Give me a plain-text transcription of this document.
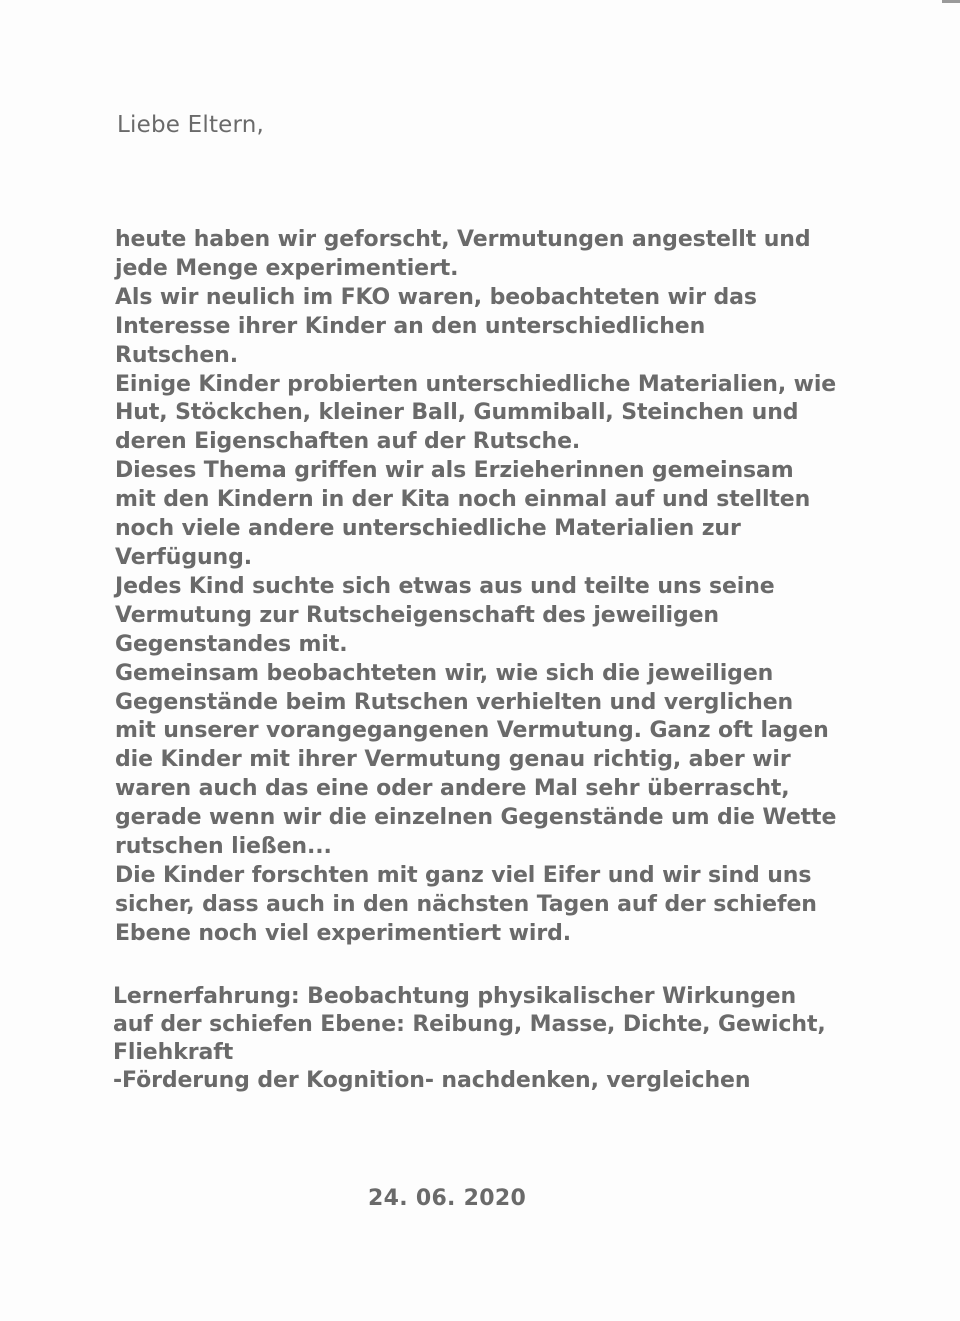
Liebe Eltern,

heute haben wir geforscht, Vermutungen angestellt und

jede Menge experimentiert.

Als wir neulich im FKO waren, beobachteten wir das

Interesse ihrer Kinder an den unterschiedlichen

Rutschen.

Einige Kinder probierten unterschiedliche Materialien, wie

Hut, Stöckchen, kleiner Ball, Gummiball, Steinchen und

deren Eigenschaften auf der Rutsche.

Dieses Thema griffen wir als Erzieherinnen gemeinsam

mit den Kindern in der Kita noch einmal auf und stellten

noch viele andere unterschiedliche Materialien zur

Verfügung.

Jedes Kind suchte sich etwas aus und teilte uns seine

Vermutung zur Rutscheigenschaft des jeweiligen

Gegenstandes mit.

Gemeinsam beobachteten wir, wie sich die jeweiligen

Gegenstände beim Rutschen verhielten und verglichen

mit unserer vorangegangenen Vermutung. Ganz oft lagen

die Kinder mit ihrer Vermutung genau richtig, aber wir

waren auch das eine oder andere Mal sehr überrascht,

gerade wenn wir die einzelnen Gegenstände um die Wette

rutschen ließen...

Die Kinder forschten mit ganz viel Eifer und wir sind uns

sicher, dass auch in den nächsten Tagen auf der schiefen

Ebene noch viel experimentiert wird.

Lernerfahrung: Beobachtung physikalischer Wirkungen

auf der schiefen Ebene: Reibung, Masse, Dichte, Gewicht,

Fliehkraft

-Förderung der Kognition- nachdenken, vergleichen

24. 06. 2020
